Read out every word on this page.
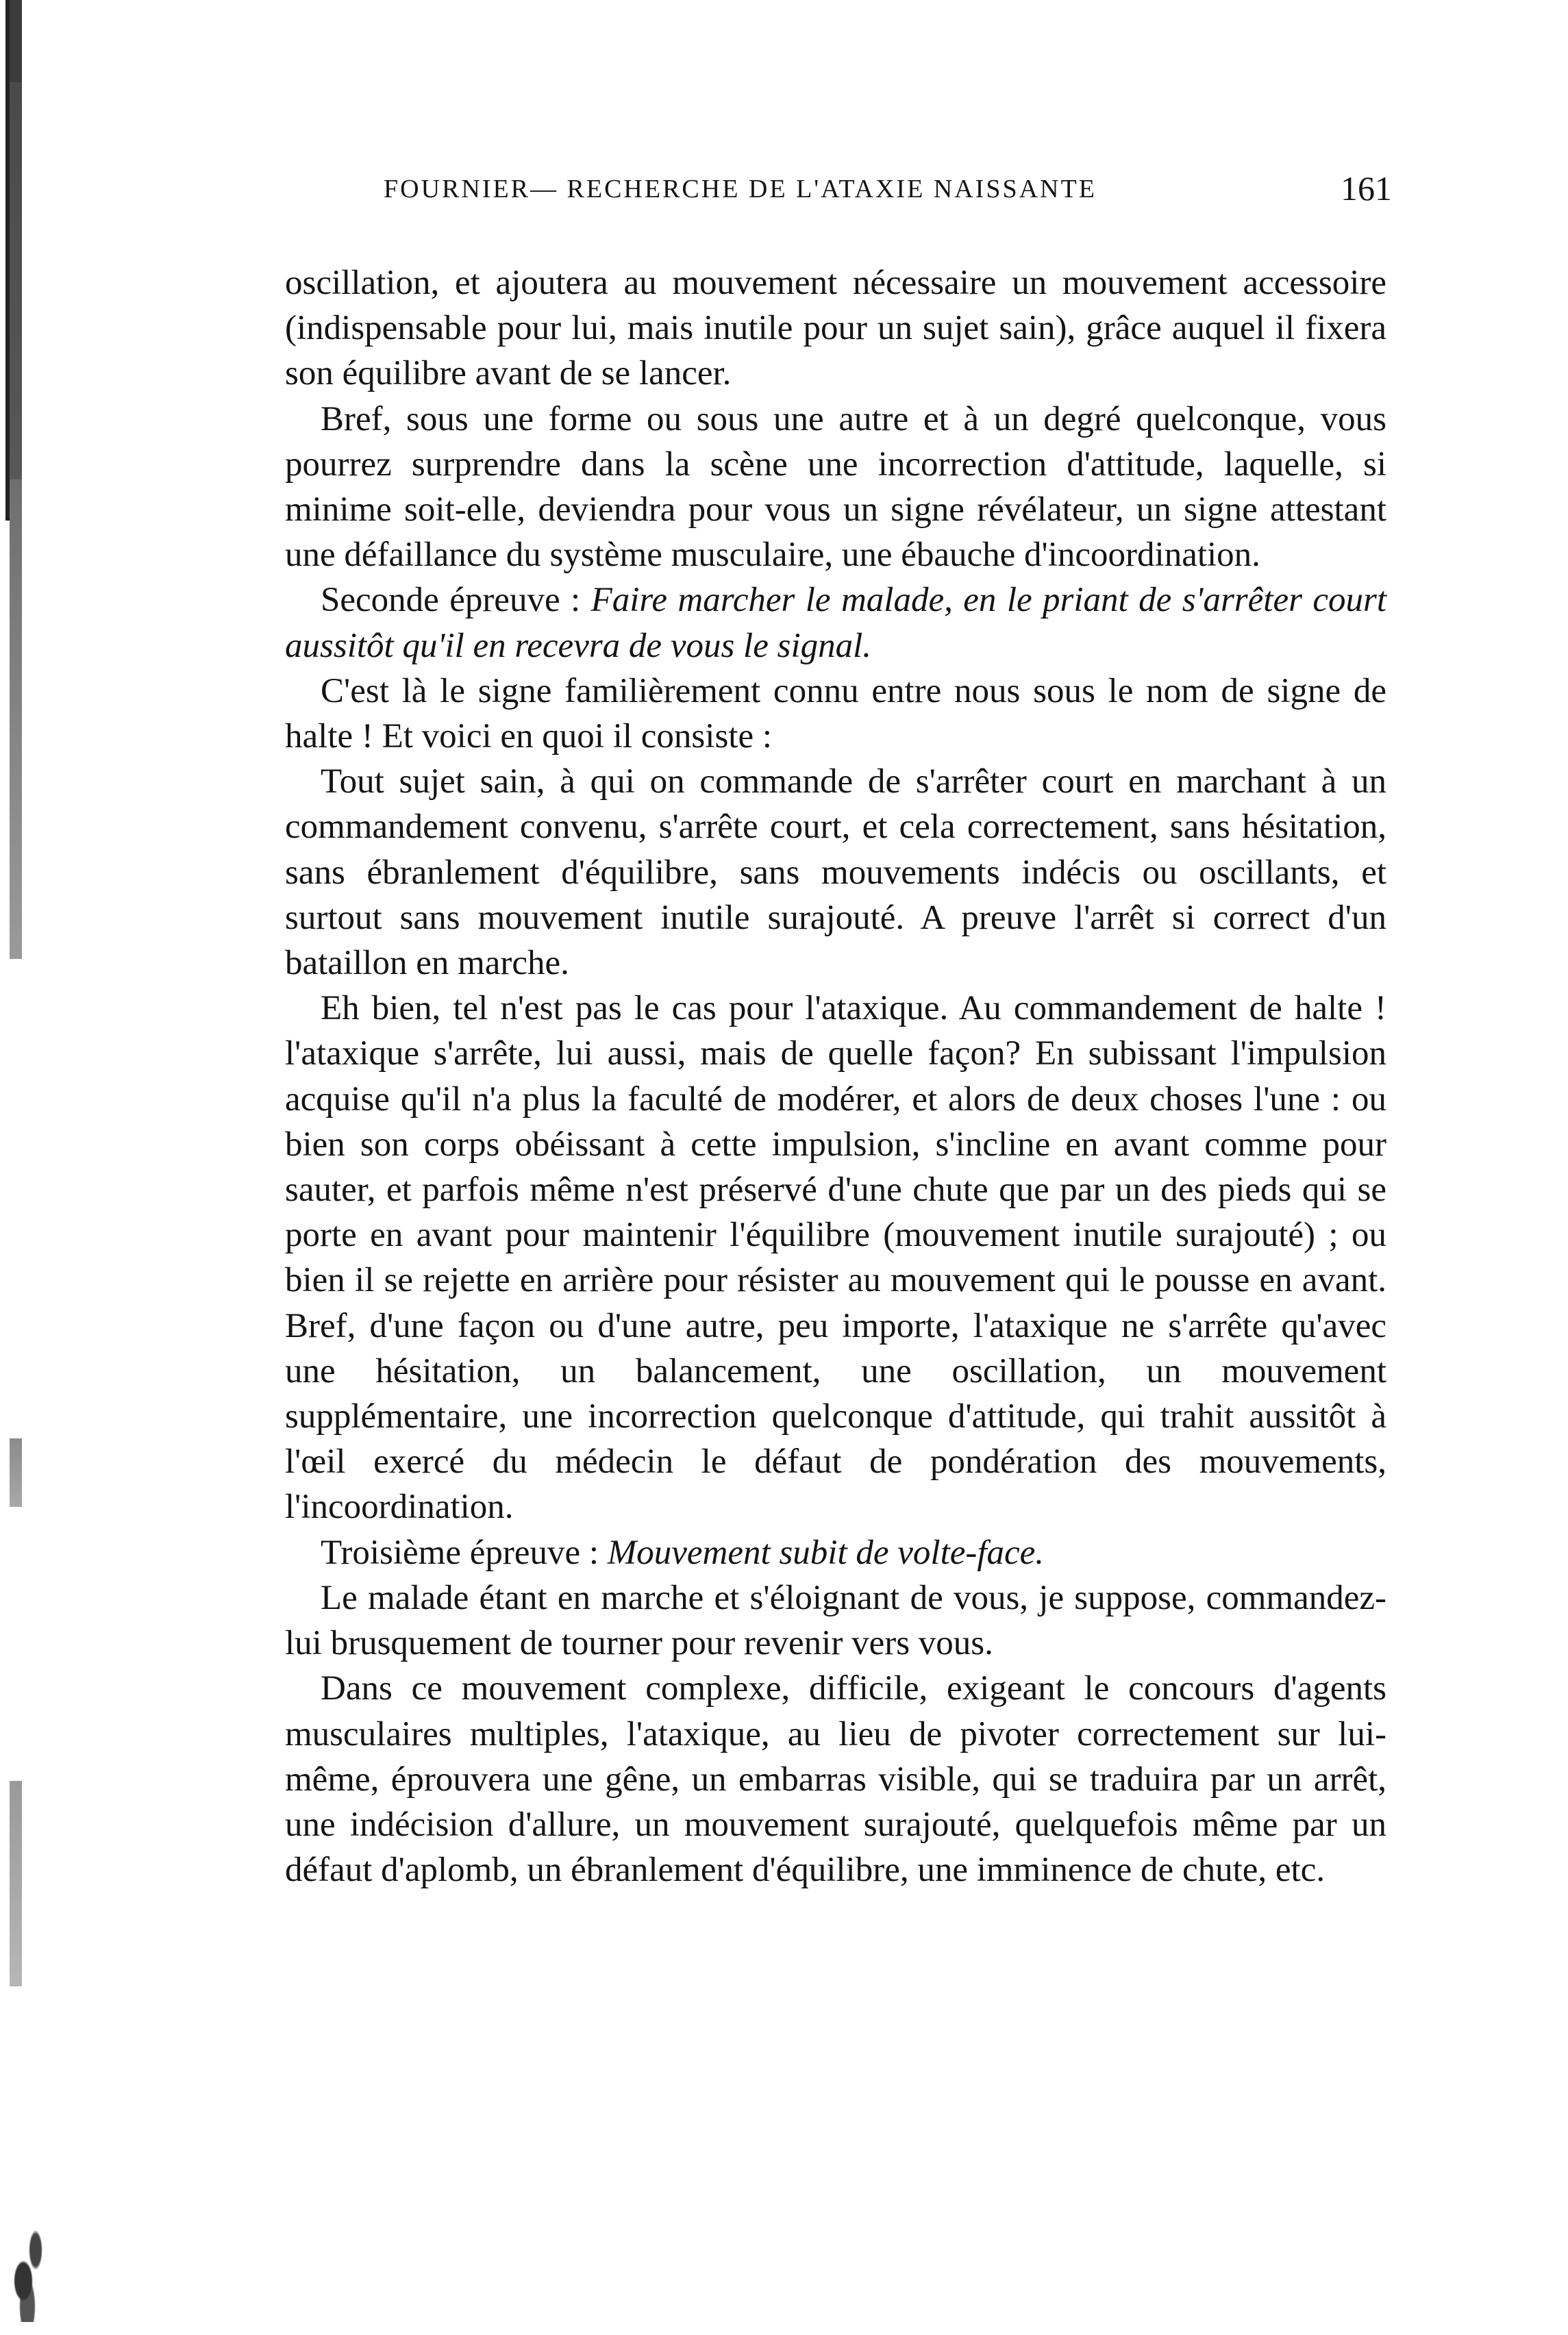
FOURNIER— RECHERCHE DE L'ATAXIE NAISSANTE	161

oscillation, et ajoutera au mouvement nécessaire un mouvement accessoire (indispensable pour lui, mais inutile pour un sujet sain), grâce auquel il fixera son équilibre avant de se lancer.

Bref, sous une forme ou sous une autre et à un degré quelconque, vous pourrez surprendre dans la scène une incorrection d'attitude, laquelle, si minime soit-elle, deviendra pour vous un signe révélateur, un signe attestant une défaillance du système musculaire, une ébauche d'incoordination.

Seconde épreuve : Faire marcher le malade, en le priant de s'arrêter court aussitôt qu'il en recevra de vous le signal.

C'est là le signe familièrement connu entre nous sous le nom de signe de halte ! Et voici en quoi il consiste :

Tout sujet sain, à qui on commande de s'arrêter court en marchant à un commandement convenu, s'arrête court, et cela correctement, sans hésitation, sans ébranlement d'équilibre, sans mouvements indécis ou oscillants, et surtout sans mouvement inutile surajouté. A preuve l'arrêt si correct d'un bataillon en marche.

Eh bien, tel n'est pas le cas pour l'ataxique. Au commandement de halte ! l'ataxique s'arrête, lui aussi, mais de quelle façon? En subissant l'impulsion acquise qu'il n'a plus la faculté de modérer, et alors de deux choses l'une : ou bien son corps obéissant à cette impulsion, s'incline en avant comme pour sauter, et parfois même n'est préservé d'une chute que par un des pieds qui se porte en avant pour maintenir l'équilibre (mouvement inutile surajouté) ; ou bien il se rejette en arrière pour résister au mouvement qui le pousse en avant. Bref, d'une façon ou d'une autre, peu importe, l'ataxique ne s'arrête qu'avec une hésitation, un balancement, une oscillation, un mouvement supplémentaire, une incorrection quelconque d'attitude, qui trahit aussitôt à l'œil exercé du médecin le défaut de pondération des mouvements, l'incoordination.

Troisième épreuve : Mouvement subit de volte-face.

Le malade étant en marche et s'éloignant de vous, je suppose, commandez-lui brusquement de tourner pour revenir vers vous.

Dans ce mouvement complexe, difficile, exigeant le concours d'agents musculaires multiples, l'ataxique, au lieu de pivoter correctement sur lui-même, éprouvera une gêne, un embarras visible, qui se traduira par un arrêt, une indécision d'allure, un mouvement surajouté, quelquefois même par un défaut d'aplomb, un ébranlement d'équilibre, une imminence de chute, etc.
